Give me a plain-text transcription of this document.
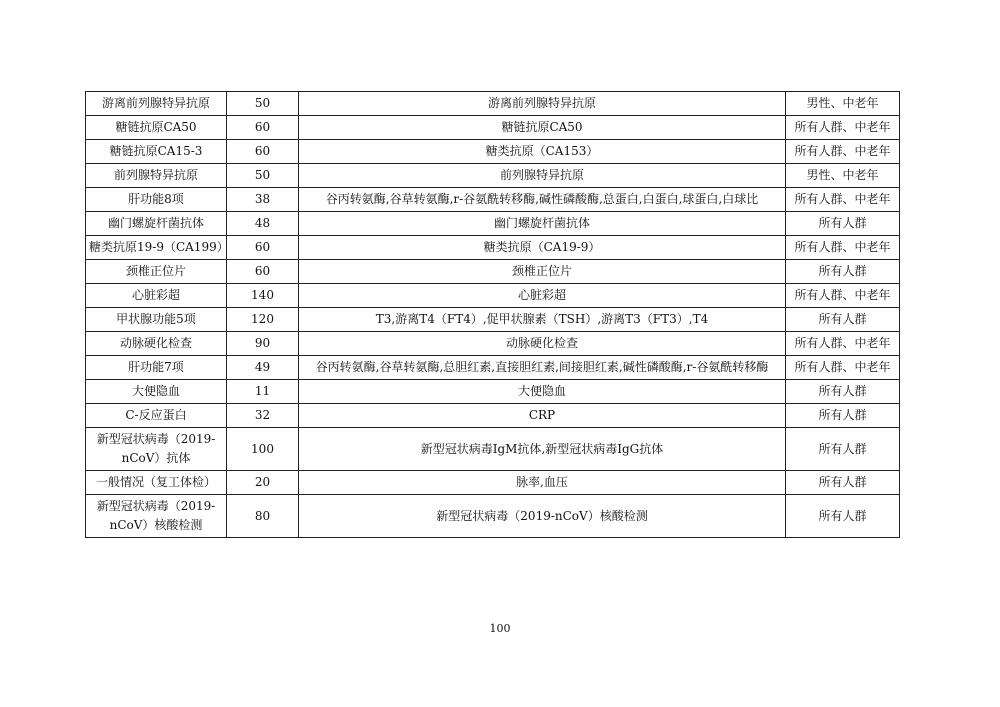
游离前列腺特异抗原	50	游离前列腺特异抗原	男性、中老年
糖链抗原CA50	60	糖链抗原CA50	所有人群、中老年
糖链抗原CA15-3	60	糖类抗原（CA153）	所有人群、中老年
前列腺特异抗原	50	前列腺特异抗原	男性、中老年
肝功能8项	38	谷丙转氨酶,谷草转氨酶,r-谷氨酰转移酶,碱性磷酸酶,总蛋白,白蛋白,球蛋白,白球比	所有人群、中老年
幽门螺旋杆菌抗体	48	幽门螺旋杆菌抗体	所有人群
糖类抗原19-9（CA199）	60	糖类抗原（CA19-9）	所有人群、中老年
颈椎正位片	60	颈椎正位片	所有人群
心脏彩超	140	心脏彩超	所有人群、中老年
甲状腺功能5项	120	T3,游离T4（FT4）,促甲状腺素（TSH）,游离T3（FT3）,T4	所有人群
动脉硬化检查	90	动脉硬化检查	所有人群、中老年
肝功能7项	49	谷丙转氨酶,谷草转氨酶,总胆红素,直接胆红素,间接胆红素,碱性磷酸酶,r-谷氨酰转移酶	所有人群、中老年
大便隐血	11	大便隐血	所有人群
C-反应蛋白	32	CRP	所有人群
新型冠状病毒（2019-nCoV）抗体	100	新型冠状病毒IgM抗体,新型冠状病毒IgG抗体	所有人群
一般情况（复工体检）	20	脉率,血压	所有人群
新型冠状病毒（2019-nCoV）核酸检测	80	新型冠状病毒（2019-nCoV）核酸检测	所有人群
100
